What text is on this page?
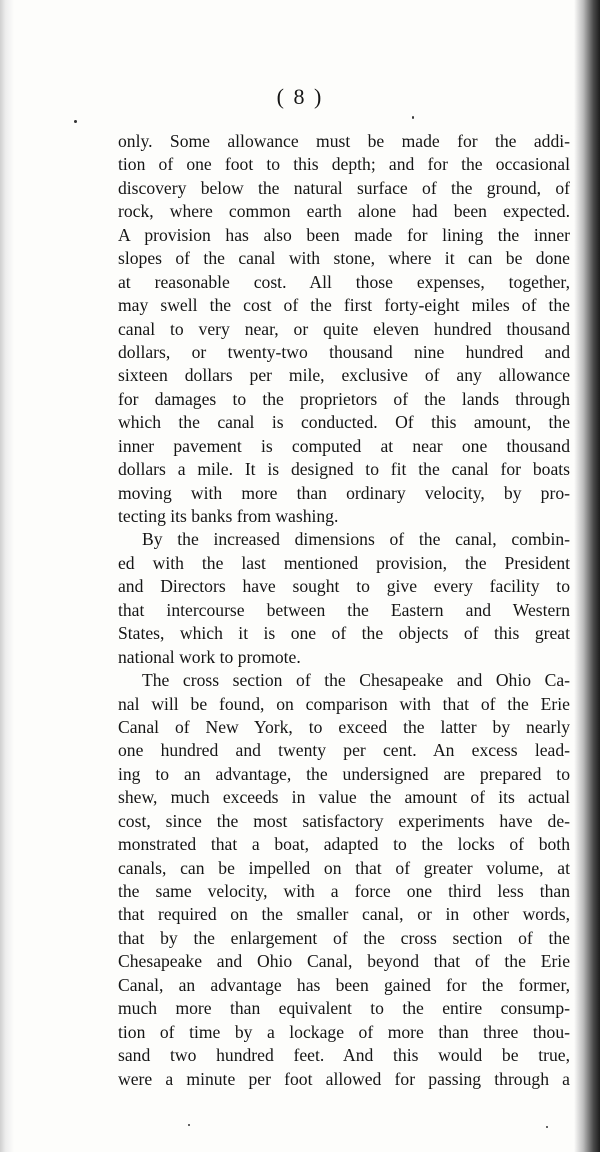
( 8 )
only. Some allowance must be made for the addi-
tion of one foot to this depth; and for the occasional
discovery below the natural surface of the ground, of
rock, where common earth alone had been expected.
A provision has also been made for lining the inner
slopes of the canal with stone, where it can be done
at reasonable cost. All those expenses, together,
may swell the cost of the first forty-eight miles of the
canal to very near, or quite eleven hundred thousand
dollars, or twenty-two thousand nine hundred and
sixteen dollars per mile, exclusive of any allowance
for damages to the proprietors of the lands through
which the canal is conducted. Of this amount, the
inner pavement is computed at near one thousand
dollars a mile. It is designed to fit the canal for boats
moving with more than ordinary velocity, by pro-
tecting its banks from washing.
By the increased dimensions of the canal, combin-
ed with the last mentioned provision, the President
and Directors have sought to give every facility to
that intercourse between the Eastern and Western
States, which it is one of the objects of this great
national work to promote.
The cross section of the Chesapeake and Ohio Ca-
nal will be found, on comparison with that of the Erie
Canal of New York, to exceed the latter by nearly
one hundred and twenty per cent. An excess lead-
ing to an advantage, the undersigned are prepared to
shew, much exceeds in value the amount of its actual
cost, since the most satisfactory experiments have de-
monstrated that a boat, adapted to the locks of both
canals, can be impelled on that of greater volume, at
the same velocity, with a force one third less than
that required on the smaller canal, or in other words,
that by the enlargement of the cross section of the
Chesapeake and Ohio Canal, beyond that of the Erie
Canal, an advantage has been gained for the former,
much more than equivalent to the entire consump-
tion of time by a lockage of more than three thou-
sand two hundred feet. And this would be true,
were a minute per foot allowed for passing through a
